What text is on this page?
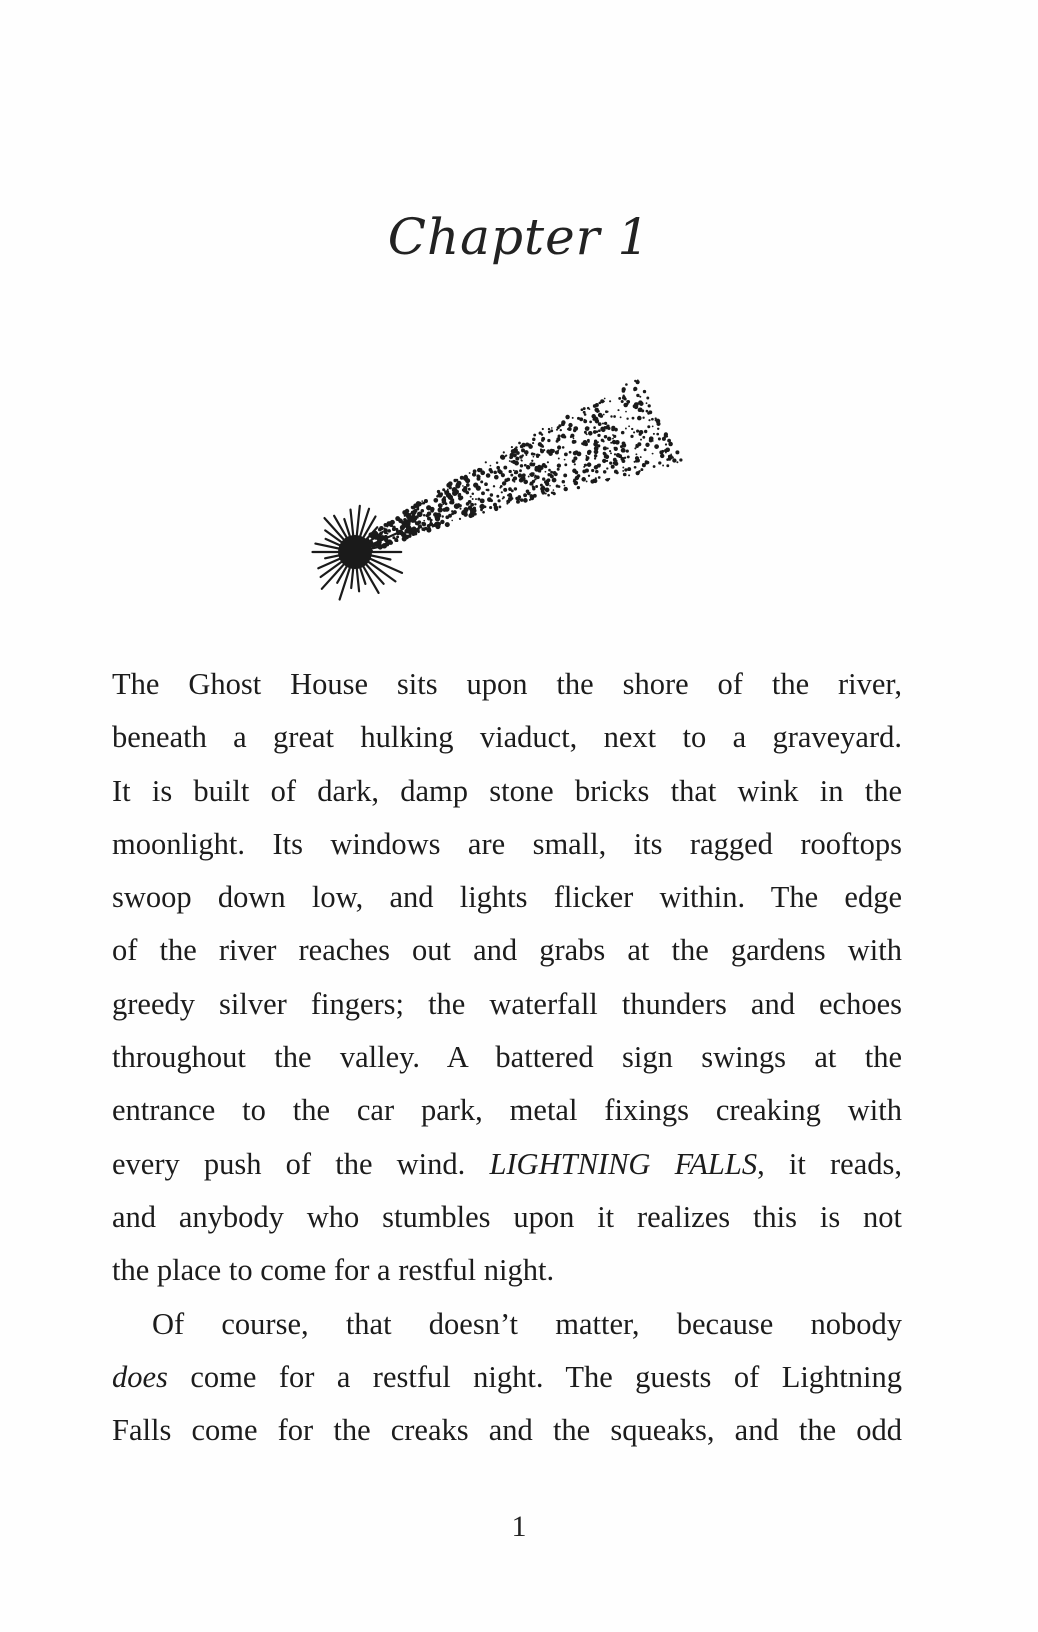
Chapter 1

The Ghost House sits upon the shore of the river,

beneath a great hulking viaduct, next to a graveyard.

It is built of dark, damp stone bricks that wink in the

moonlight. Its windows are small, its ragged rooftops

swoop down low, and lights flicker within. The edge

of the river reaches out and grabs at the gardens with

greedy silver fingers; the waterfall thunders and echoes

throughout the valley. A battered sign swings at the

entrance to the car park, metal fixings creaking with

every push of the wind. LIGHTNING FALLS, it reads,

and anybody who stumbles upon it realizes this is not

the place to come for a restful night.

Of course, that doesn’t matter, because nobody

does come for a restful night. The guests of Lightning

Falls come for the creaks and the squeaks, and the odd

1
